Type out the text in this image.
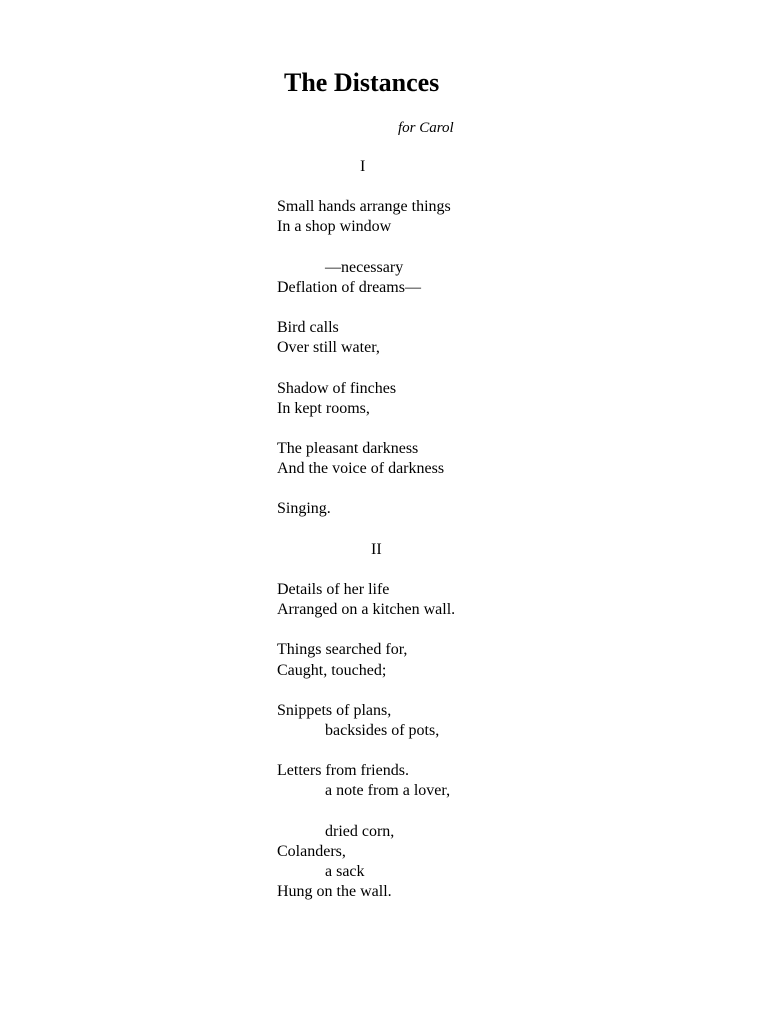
The Distances
for Carol
I
Small hands arrange things
In a shop window
—necessary
Deflation of dreams—
Bird calls
Over still water,
Shadow of finches
In kept rooms,
The pleasant darkness
And the voice of darkness
Singing.
II
Details of her life
Arranged on a kitchen wall.
Things searched for,
Caught, touched;
Snippets of plans,
backsides of pots,
Letters from friends.
a note from a lover,
dried corn,
Colanders,
a sack
Hung on the wall.
